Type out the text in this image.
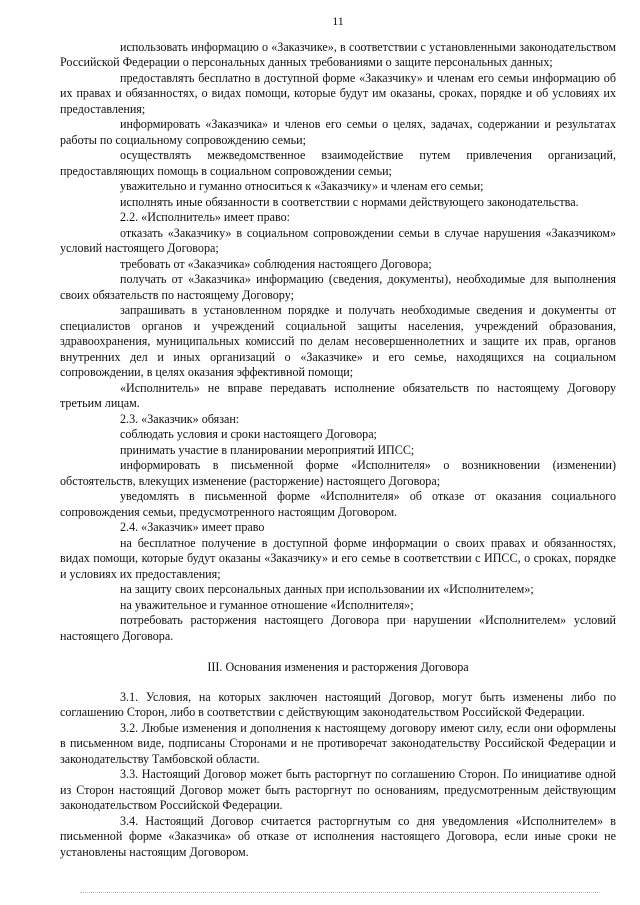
11

использовать информацию о «Заказчике», в соответствии с установленными законодательством Российской Федерации о персональных данных требованиями о защите персональных данных;

предоставлять бесплатно в доступной форме «Заказчику» и членам его семьи информацию об их правах и обязанностях, о видах помощи, которые будут им оказаны, сроках, порядке и об условиях их предоставления;

информировать «Заказчика» и членов его семьи о целях, задачах, содержании и результатах работы по социальному сопровождению семьи;

осуществлять межведомственное взаимодействие путем привлечения организаций, предоставляющих помощь в социальном сопровождении семьи;

уважительно и гуманно относиться к «Заказчику» и членам его семьи;

исполнять иные обязанности в соответствии с нормами действующего законодательства.

2.2. «Исполнитель» имеет право:

отказать «Заказчику» в социальном сопровождении семьи в случае нарушения «Заказчиком» условий настоящего Договора;

требовать от «Заказчика» соблюдения настоящего Договора;

получать от «Заказчика» информацию (сведения, документы), необходимые для выполнения своих обязательств по настоящему Договору;

запрашивать в установленном порядке и получать необходимые сведения и документы от специалистов органов и учреждений социальной защиты населения, учреждений образования, здравоохранения, муниципальных комиссий по делам несовершеннолетних и защите их прав, органов внутренних дел и иных организаций о «Заказчике» и его семье, находящихся на социальном сопровождении, в целях оказания эффективной помощи;

«Исполнитель» не вправе передавать исполнение обязательств по настоящему Договору третьим лицам.

2.3. «Заказчик» обязан:

соблюдать условия и сроки настоящего Договора;

принимать участие в планировании мероприятий ИПСС;

информировать в письменной форме «Исполнителя» о возникновении (изменении) обстоятельств, влекущих изменение (расторжение) настоящего Договора;

уведомлять в письменной форме «Исполнителя» об отказе от оказания социального сопровождения семьи, предусмотренного настоящим Договором.

2.4. «Заказчик» имеет право

на бесплатное получение в доступной форме информации о своих правах и обязанностях, видах помощи, которые будут оказаны «Заказчику» и его семье в соответствии с ИПСС, о сроках, порядке и условиях их предоставления;

на защиту своих персональных данных при использовании их «Исполнителем»;

на уважительное и гуманное отношение «Исполнителя»;

потребовать расторжения настоящего Договора при нарушении «Исполнителем» условий настоящего Договора.

III. Основания изменения и расторжения Договора

3.1. Условия, на которых заключен настоящий Договор, могут быть изменены либо по соглашению Сторон, либо в соответствии с действующим законодательством Российской Федерации.

3.2. Любые изменения и дополнения к настоящему договору имеют силу, если они оформлены в письменном виде, подписаны Сторонами и не противоречат законодательству Российской Федерации и законодательству Тамбовской области.

3.3. Настоящий Договор может быть расторгнут по соглашению Сторон. По инициативе одной из Сторон настоящий Договор может быть расторгнут по основаниям, предусмотренным действующим законодательством Российской Федерации.

3.4. Настоящий Договор считается расторгнутым со дня уведомления «Исполнителем» в письменной форме «Заказчика» об отказе от исполнения настоящего Договора, если иные сроки не установлены настоящим Договором.
